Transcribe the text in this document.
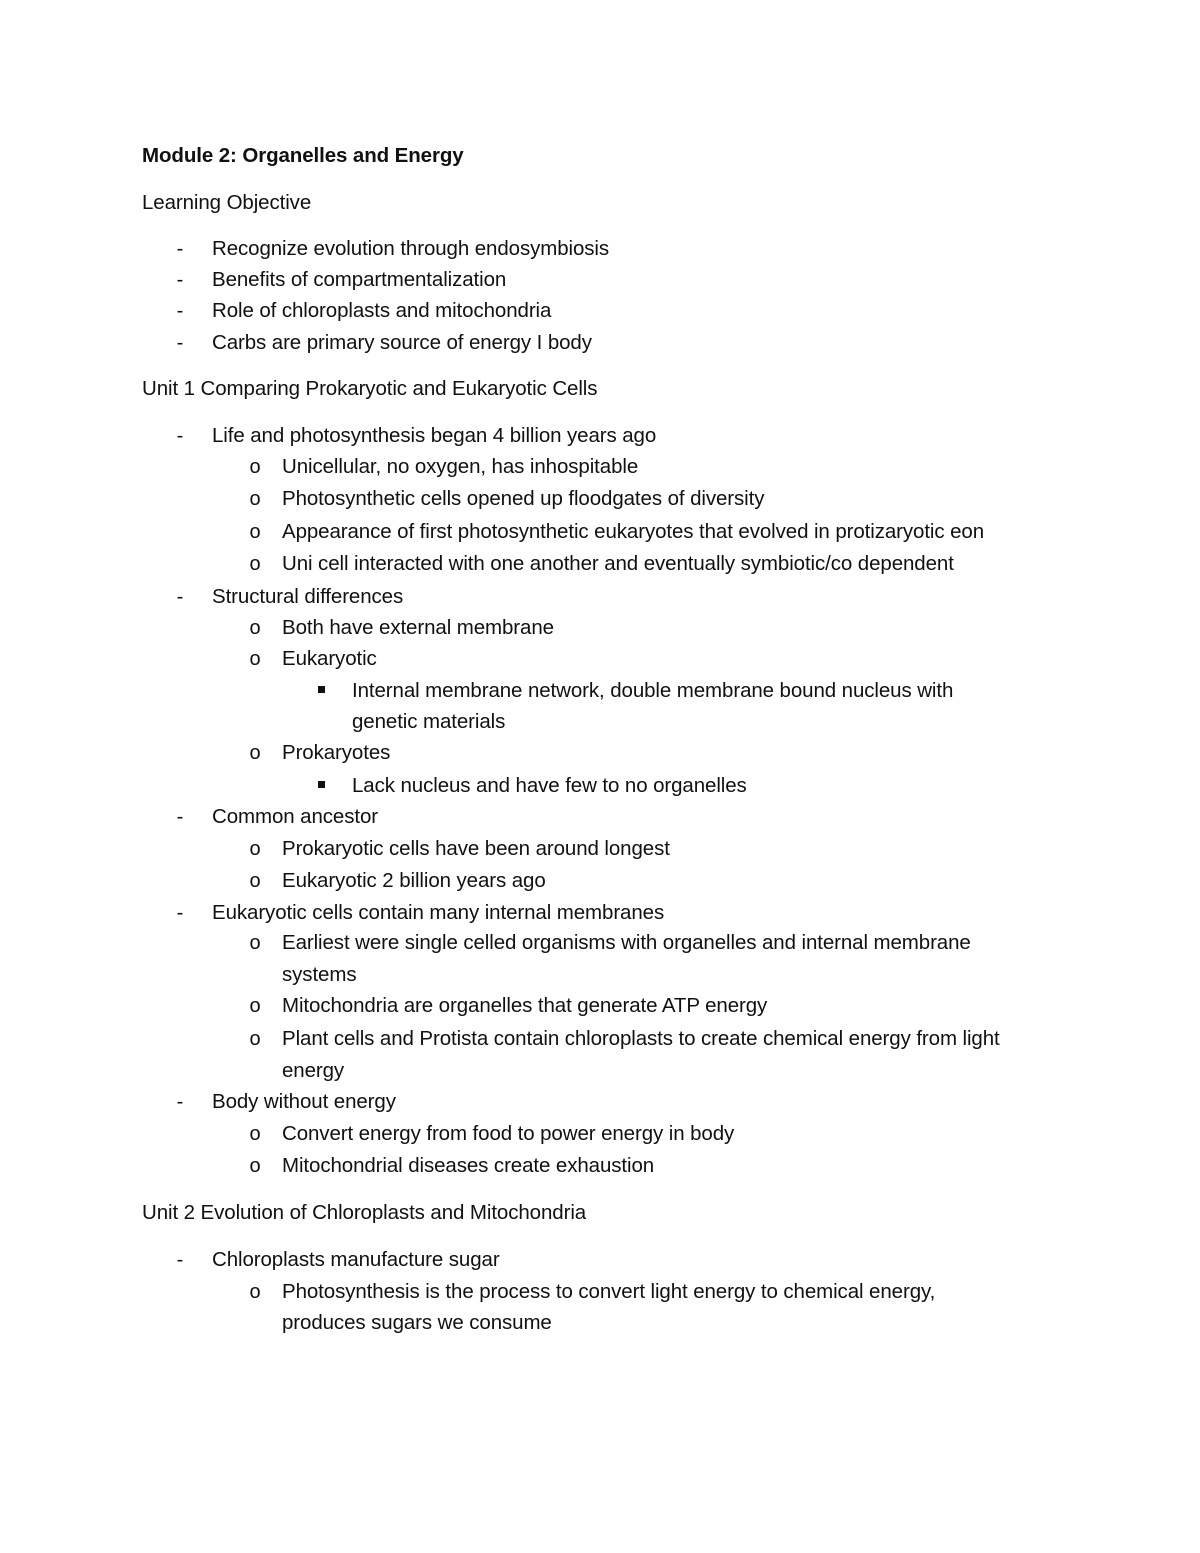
Module 2: Organelles and Energy
Learning Objective
-	Recognize evolution through endosymbiosis
-	Benefits of compartmentalization
-	Role of chloroplasts and mitochondria
-	Carbs are primary source of energy I body
Unit 1 Comparing Prokaryotic and Eukaryotic Cells
-	Life and photosynthesis began 4 billion years ago
o Unicellular, no oxygen, has inhospitable
o Photosynthetic cells opened up floodgates of diversity
o Appearance of first photosynthetic eukaryotes that evolved in protizaryotic eon
o Uni cell interacted with one another and eventually symbiotic/co dependent
-	Structural differences
o Both have external membrane
o Eukaryotic
Internal membrane network, double membrane bound nucleus with
genetic materials
o Prokaryotes
Lack nucleus and have few to no organelles
-	Common ancestor
o Prokaryotic cells have been around longest
o Eukaryotic 2 billion years ago
-	Eukaryotic cells contain many internal membranes
o Earliest were single celled organisms with organelles and internal membrane
systems
o Mitochondria are organelles that generate ATP energy
o Plant cells and Protista contain chloroplasts to create chemical energy from light
energy
-	Body without energy
o Convert energy from food to power energy in body
o Mitochondrial diseases create exhaustion
Unit 2 Evolution of Chloroplasts and Mitochondria
-	Chloroplasts manufacture sugar
o Photosynthesis is the process to convert light energy to chemical energy,
produces sugars we consume
